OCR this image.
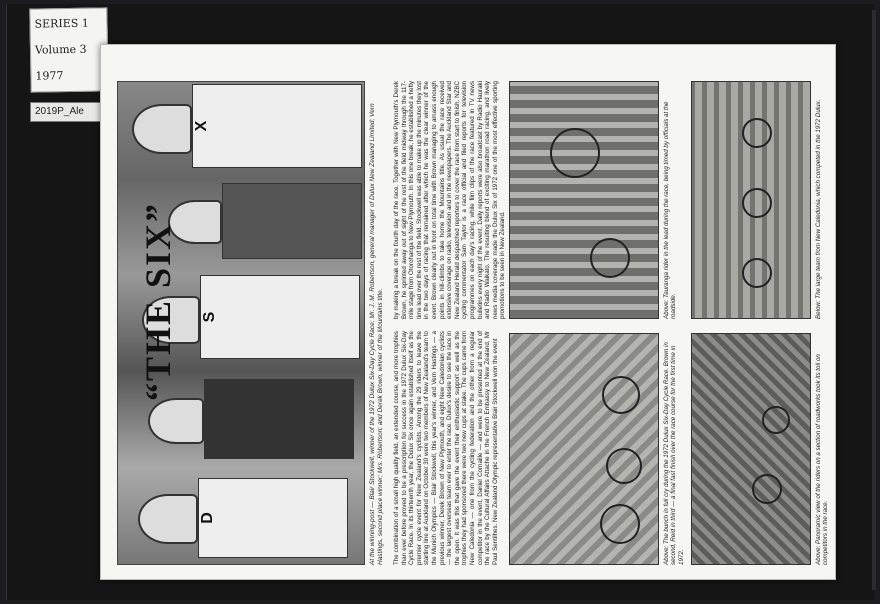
SERIES 1
Volume 3
1977
2019P_Ale
D
S
X
“THE SIX”	At the winning-post — Blair Stockwell, winner of the 1972 Dulux Six-Day Cycle Race; Mr. J. M. Robertson, general manager of Dulux New Zealand Limited; Vern Hastings, second place winner; Mrs. Robertson; and Derek Brown, winner of the Mountains title.	The combination of a small high quality field, an extended course, and more trophies than ever before proved to be a prescription for success in the 1972 Dulux Six-Day Cycle Race. In its thirteenth year, the Dulux Six once again established itself as the premier cycle event for New Zealand's cyclists. Among the 29 riders to leave the starting line at Auckland on October 30 were two members of New Zealand's team to the Munich Olympics — Blair Stockwell, this year's winner, and Vern Hastings — a previous winner, Derek Brown of New Plymouth, and eight New Caledonian cyclists — the largest overseas team ever to enter the race. Dulux's desire to see the race in the open. It was this that gave the event their enthusiastic support as well as the trophies they had sponsored there were two new cups at stake. The cups came from New Caledonia — one from the cycling federation and the other from a regular competitor in the event, Daniel Cornaille — and were to be presented at the end of the race by the Cultural Affairs Attache in the French Embassy to New Zealand, Mr Paul Sentilhes. New Zealand Olympic representative Blair Stockwell won the event
by making a break on the fourth day of the race. Together with New Plymouth's Derek Brown, he sprinted away out of sight of the rest of the field midway through the 117-mile stage from Otorohanga to New Plymouth. In this one break, he established a hefty time lead over the rest of the field. Stockwell was able to make up the minutes they lost in the two days of racing that remained after which he was the clear winner of the event. Brown clearly out in front on total time with Brown managing to amass enough points in hill-climbs to take home the Mountains title. As usual the race received extensive coverage on radio, television and in the newspapers. The Auckland Star and New Zealand Herald despatched reporters to cover the race from start to finish. NZBC cycling commentator Sam Taylor is a race official and filed reports for television programmes on each day's racing, while film clips of the race featured in TV news bulletins every night of the event. Daily reports were also broadcast by Radio Hauraki and Radio Waikato. The resulting blend of exciting marathon road racing, and lively news media coverage made the Dulux Six of 1972 one of the most effective sporting promotions to be seen in New Zealand.
Above: The bunch in full cry during the 1972 Dulux Six-Day Cycle Race. Brown in second, Reid in third — a final fast finish over the race course for the first time in 1972.
Above: Tauranga rider in the lead during the race, being timed by officials at the roadside.
Above: Panoramic view of the riders on a section of roadworks took its toll on competitors in the race.
Below: The large team from New Caledonia, which competed in the 1972 Dulux.
